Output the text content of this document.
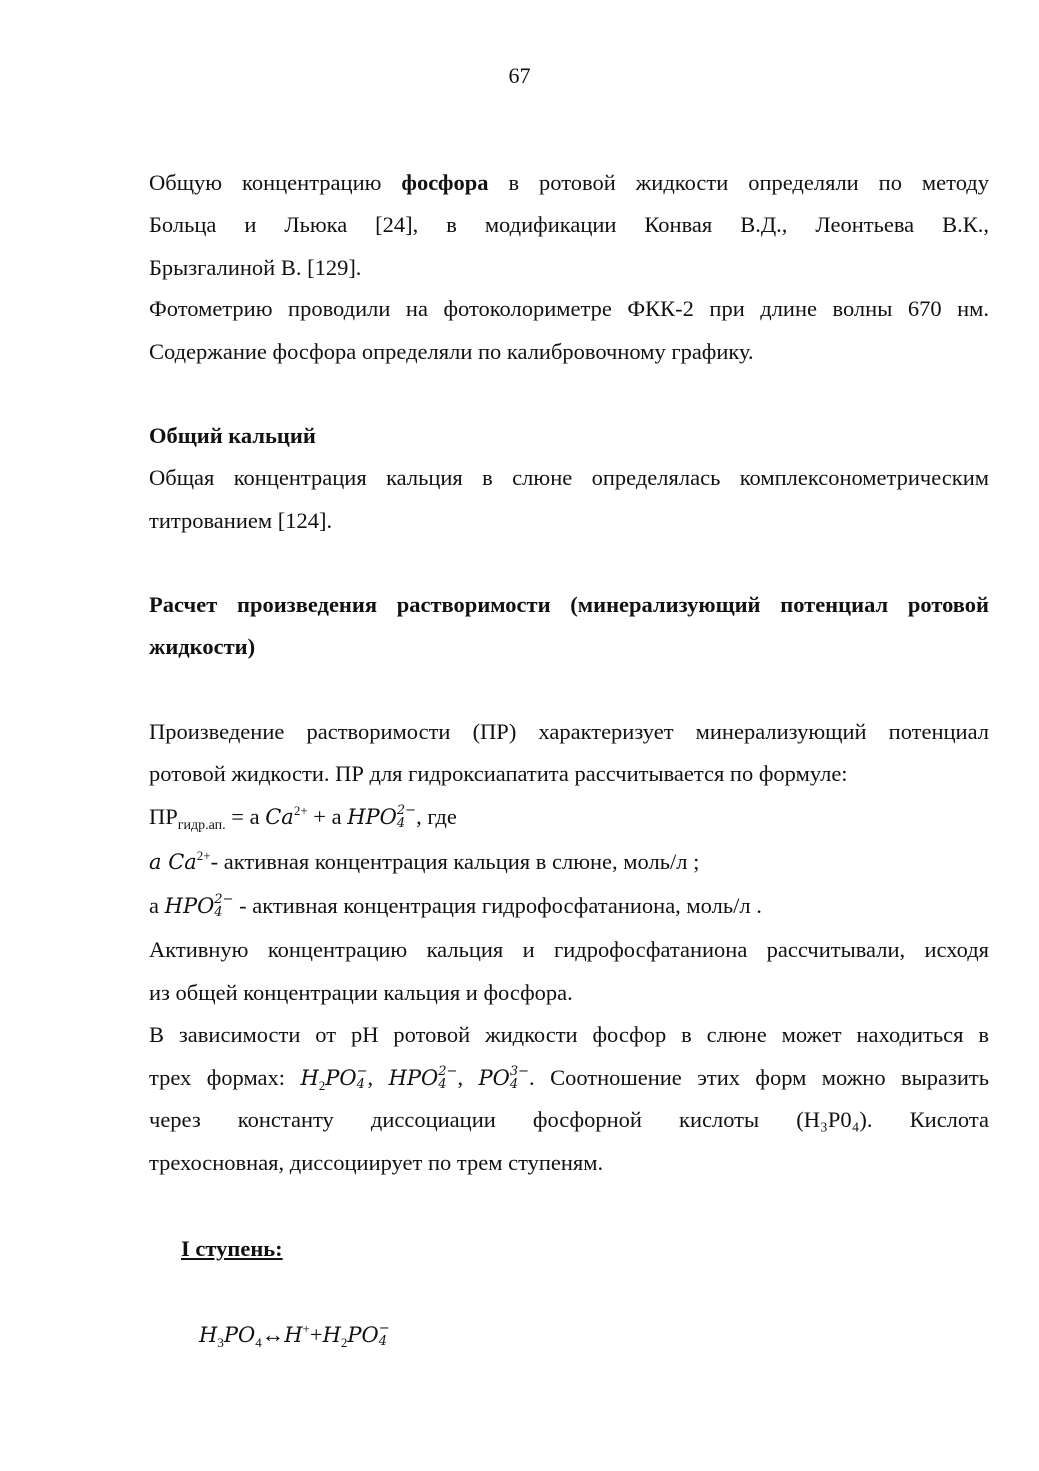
67
Общую концентрацию фосфора в ротовой жидкости определяли по методу
Больца и Льюка [24], в модификации Конвая В.Д., Леонтьева В.К.,
Брызгалиной В. [129].
Фотометрию проводили на фотоколориметре ФКК-2 при длине волны 670 нм.
Содержание фосфора определяли по калибровочному графику.
Общий кальций
Общая концентрация кальция в слюне определялась комплексонометрическим
титрованием [124].
Расчет произведения растворимости (минерализующий потенциал ротовой
жидкости)
Произведение растворимости (ПР) характеризует минерализующий потенциал
ротовой жидкости. ПР для гидроксиапатита рассчитывается по формуле:
$ПР_{гидр.ап.} = а$ $Ca^{2+} + а$ HPO 2−
4 , где
a $Ca^{2+}-$ активная концентрация кальция в слюне, моль/л ;
а HPO 2−
4 - активная концентрация гидрофосфатаниона, моль/л .
Активную концентрацию кальция и гидрофосфатаниона рассчитывали, исходя
из общей концентрации кальция и фосфора.
В зависимости от pH ротовой жидкости фосфор в слюне может находиться в
трех формах: $H_2PO$ −
4 , HPO 2−
4 , PO 3−
4 . Соотношение этих форм можно выразить
через константу диссоциации фосфорной кислоты (H₃P0₄). Кислота
трехосновная, диссоциирует по трем ступеням.
I ступень:
$H_3PO_4\leftrightarrow H^++H_2PO$ −
4
